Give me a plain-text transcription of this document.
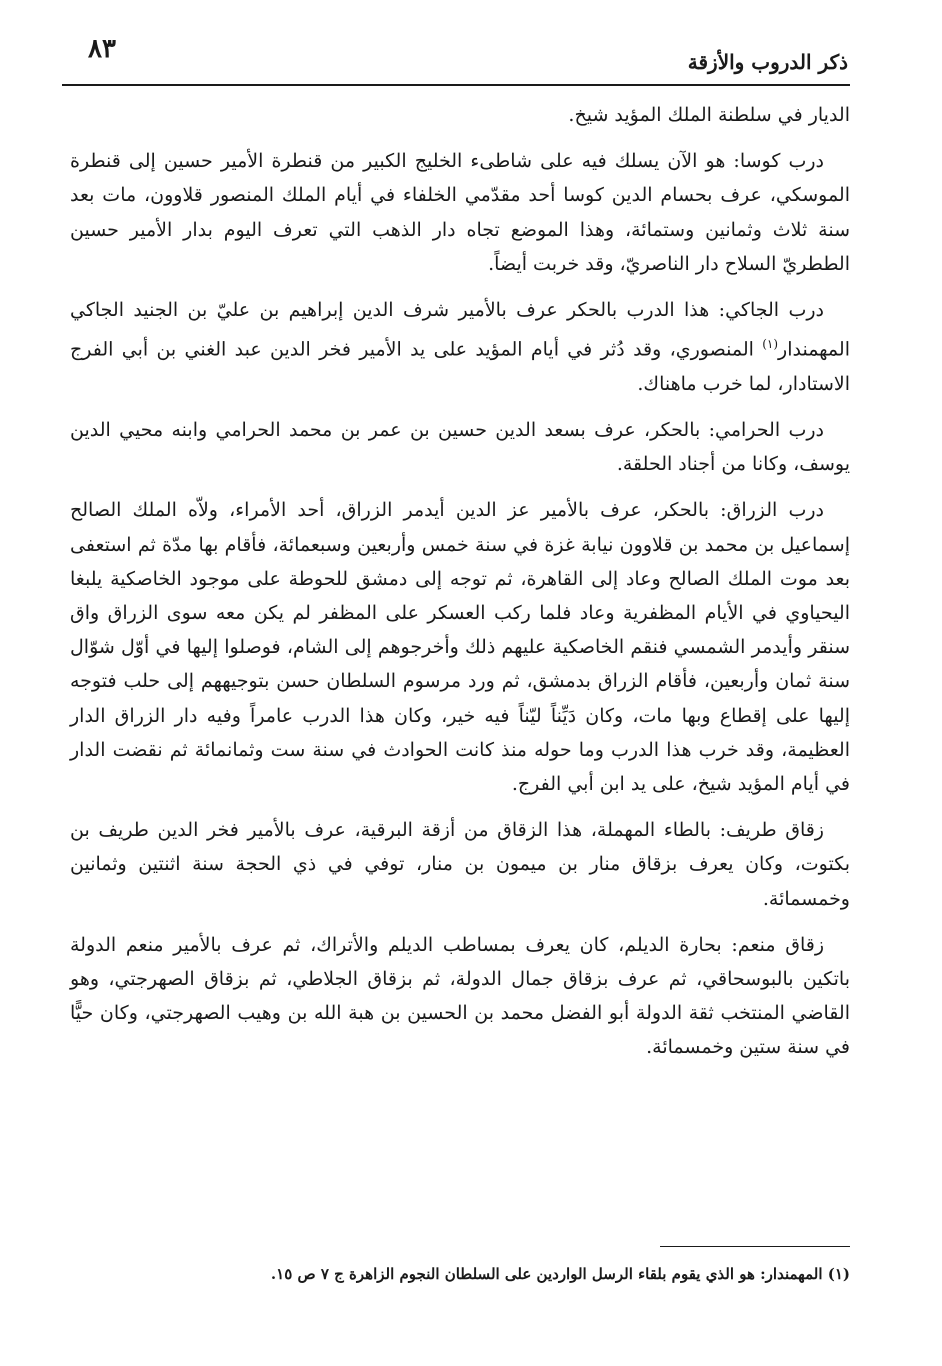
ذكر الدروب والأزقة
٨٣

الديار في سلطنة الملك المؤيد شيخ.

درب كوسا: هو الآن يسلك فيه على شاطىء الخليج الكبير من قنطرة الأمير حسين إلى قنطرة الموسكي، عرف بحسام الدين كوسا أحد مقدّمي الخلفاء في أيام الملك المنصور قلاوون، مات بعد سنة ثلاث وثمانين وستمائة، وهذا الموضع تجاه دار الذهب التي تعرف اليوم بدار الأمير حسين الططريّ السلاح دار الناصريّ، وقد خربت أيضاً.

درب الجاكي: هذا الدرب بالحكر عرف بالأمير شرف الدين إبراهيم بن عليّ بن الجنيد الجاكي المهمندار$^{(١)}$ المنصوري، وقد دُثر في أيام المؤيد على يد الأمير فخر الدين عبد الغني بن أبي الفرج الاستادار، لما خرب ماهناك.

درب الحرامي: بالحكر، عرف بسعد الدين حسين بن عمر بن محمد الحرامي وابنه محيي الدين يوسف، وكانا من أجناد الحلقة.

درب الزراق: بالحكر، عرف بالأمير عز الدين أيدمر الزراق، أحد الأمراء، ولاّه الملك الصالح إسماعيل بن محمد بن قلاوون نيابة غزة في سنة خمس وأربعين وسبعمائة، فأقام بها مدّة ثم استعفى بعد موت الملك الصالح وعاد إلى القاهرة، ثم توجه إلى دمشق للحوطة على موجود الخاصكية يلبغا اليحياوي في الأيام المظفرية وعاد فلما ركب العسكر على المظفر لم يكن معه سوى الزراق واق سنقر وأيدمر الشمسي فنقم الخاصكية عليهم ذلك وأخرجوهم إلى الشام، فوصلوا إليها في أوّل شوّال سنة ثمان وأربعين، فأقام الزراق بدمشق، ثم ورد مرسوم السلطان حسن بتوجيههم إلى حلب فتوجه إليها على إقطاع وبها مات، وكان دَيِّناً ليّناً فيه خير، وكان هذا الدرب عامراً وفيه دار الزراق الدار العظيمة، وقد خرب هذا الدرب وما حوله منذ كانت الحوادث في سنة ست وثمانمائة ثم نقضت الدار في أيام المؤيد شيخ، على يد ابن أبي الفرج.

زقاق طريف: بالطاء المهملة، هذا الزقاق من أزقة البرقية، عرف بالأمير فخر الدين طريف بن بكتوت، وكان يعرف بزقاق منار بن ميمون بن منار، توفي في ذي الحجة سنة اثنتين وثمانين وخمسمائة.

زقاق منعم: بحارة الديلم، كان يعرف بمساطب الديلم والأتراك، ثم عرف بالأمير منعم الدولة باتكين بالبوسحاقي، ثم عرف بزقاق جمال الدولة، ثم بزقاق الجلاطي، ثم بزقاق الصهرجتي، وهو القاضي المنتخب ثقة الدولة أبو الفضل محمد بن الحسين بن هبة الله بن وهيب الصهرجتي، وكان حيًّا في سنة ستين وخمسمائة.

(١) المهمندار: هو الذي يقوم بلقاء الرسل الواردين على السلطان النجوم الزاهرة ج ٧ ص ١٥.
